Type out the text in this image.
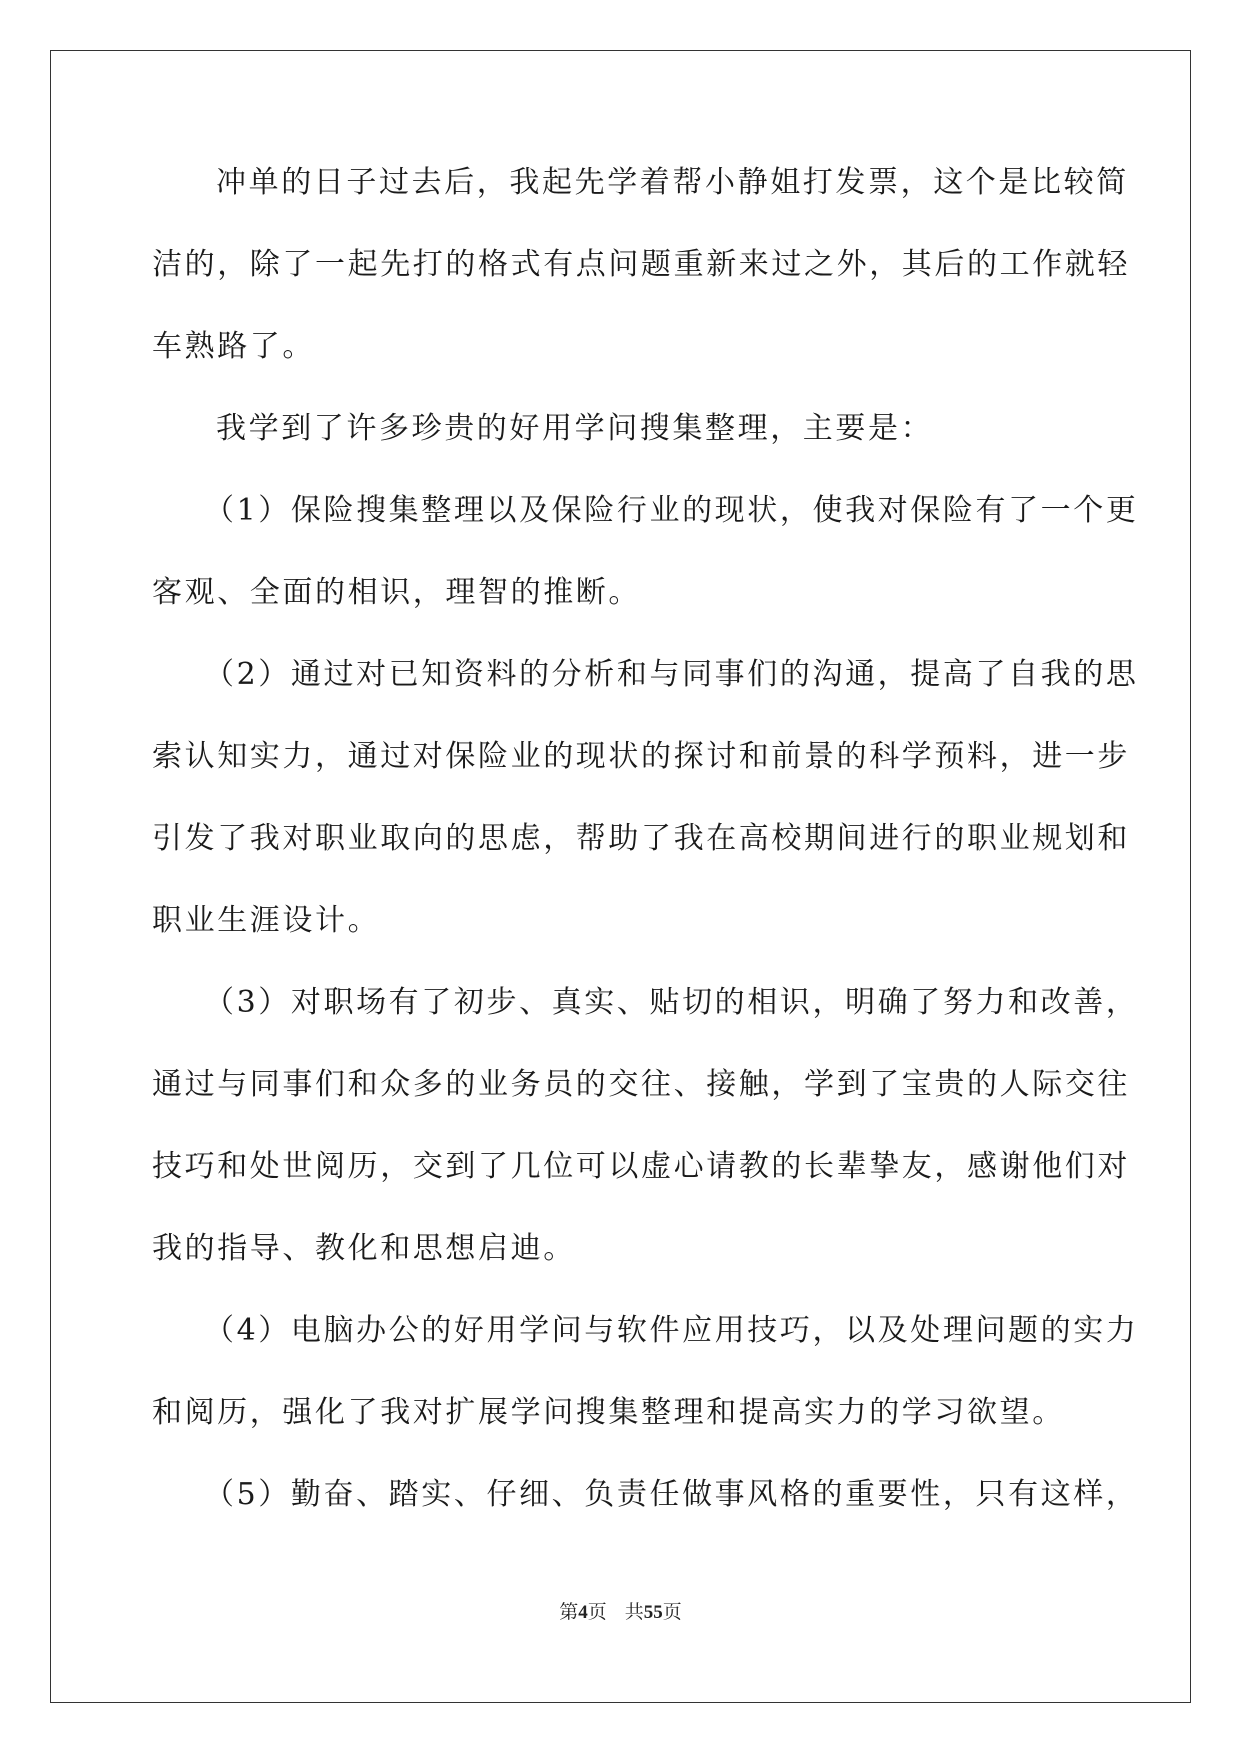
冲单的日子过去后，我起先学着帮小静姐打发票，这个是比较简
洁的，除了一起先打的格式有点问题重新来过之外，其后的工作就轻
车熟路了。
我学到了许多珍贵的好用学问搜集整理，主要是：
（1）保险搜集整理以及保险行业的现状，使我对保险有了一个更
客观、全面的相识，理智的推断。
（2）通过对已知资料的分析和与同事们的沟通，提高了自我的思
索认知实力，通过对保险业的现状的探讨和前景的科学预料，进一步
引发了我对职业取向的思虑，帮助了我在高校期间进行的职业规划和
职业生涯设计。
（3）对职场有了初步、真实、贴切的相识，明确了努力和改善，
通过与同事们和众多的业务员的交往、接触，学到了宝贵的人际交往
技巧和处世阅历，交到了几位可以虚心请教的长辈挚友，感谢他们对
我的指导、教化和思想启迪。
（4）电脑办公的好用学问与软件应用技巧，以及处理问题的实力
和阅历，强化了我对扩展学问搜集整理和提高实力的学习欲望。
（5）勤奋、踏实、仔细、负责任做事风格的重要性，只有这样，
第4页 共55页
